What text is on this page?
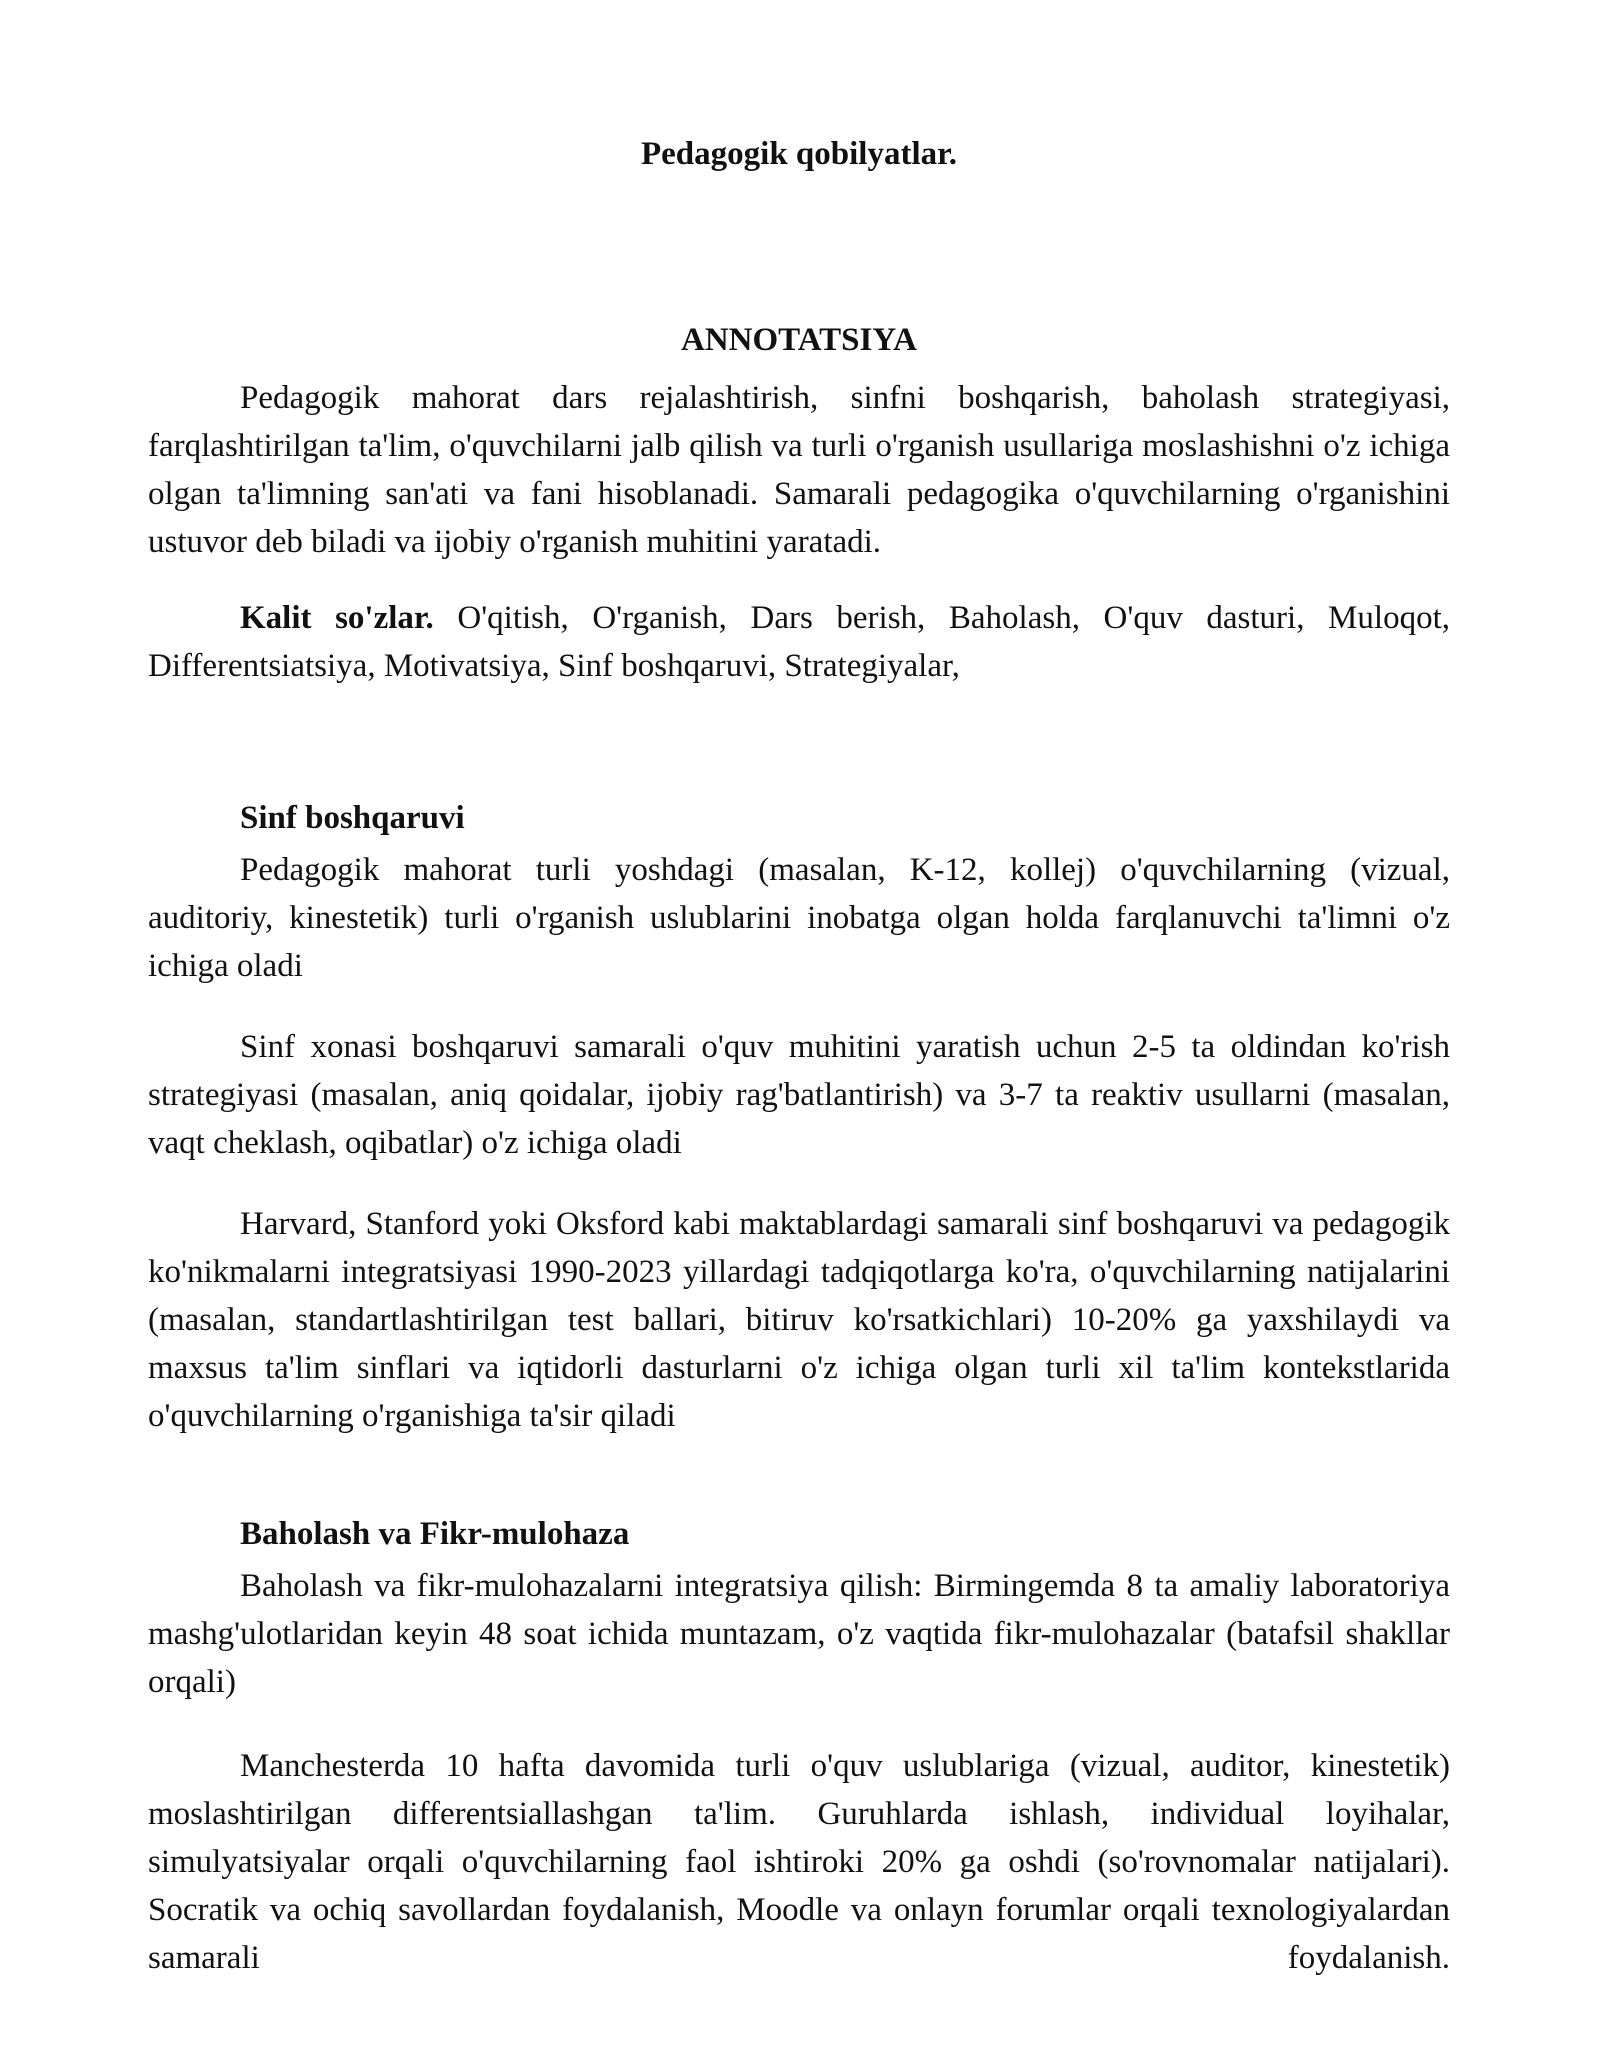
Pedagogik qobilyatlar.
ANNOTATSIYA

Pedagogik mahorat dars rejalashtirish, sinfni boshqarish, baholash strategiyasi, farqlashtirilgan ta'lim, o'quvchilarni jalb qilish va turli o'rganish usullariga moslashishni o'z ichiga olgan ta'limning san'ati va fani hisoblanadi. Samarali pedagogika o'quvchilarning o'rganishini ustuvor deb biladi va ijobiy o'rganish muhitini yaratadi.

Kalit so'zlar. O'qitish, O'rganish, Dars berish, Baholash, O'quv dasturi, Muloqot, Differentsiatsiya, Motivatsiya, Sinf boshqaruvi, Strategiyalar,

Sinf boshqaruvi

Pedagogik mahorat turli yoshdagi (masalan, K-12, kollej) o'quvchilarning (vizual, auditoriy, kinestetik) turli o'rganish uslublarini inobatga olgan holda farqlanuvchi ta'limni o'z ichiga oladi

Sinf xonasi boshqaruvi samarali o'quv muhitini yaratish uchun 2-5 ta oldindan ko'rish strategiyasi (masalan, aniq qoidalar, ijobiy rag'batlantirish) va 3-7 ta reaktiv usullarni (masalan, vaqt cheklash, oqibatlar) o'z ichiga oladi

Harvard, Stanford yoki Oksford kabi maktablardagi samarali sinf boshqaruvi va pedagogik ko'nikmalarni integratsiyasi 1990-2023 yillardagi tadqiqotlarga ko'ra, o'quvchilarning natijalarini (masalan, standartlashtirilgan test ballari, bitiruv ko'rsatkichlari) 10-20% ga yaxshilaydi va maxsus ta'lim sinflari va iqtidorli dasturlarni o'z ichiga olgan turli xil ta'lim kontekstlarida o'quvchilarning o'rganishiga ta'sir qiladi

Baholash va Fikr-mulohaza

Baholash va fikr-mulohazalarni integratsiya qilish: Birmingemda 8 ta amaliy laboratoriya mashg'ulotlaridan keyin 48 soat ichida muntazam, o'z vaqtida fikr-mulohazalar (batafsil shakllar orqali)

Manchesterda 10 hafta davomida turli o'quv uslublariga (vizual, auditor, kinestetik) moslashtirilgan differentsiallashgan ta'lim. Guruhlarda ishlash, individual loyihalar, simulyatsiyalar orqali o'quvchilarning faol ishtiroki 20% ga oshdi (so'rovnomalar natijalari). Socratik va ochiq savollardan foydalanish, Moodle va onlayn forumlar orqali texnologiyalardan samarali foydalanish.
